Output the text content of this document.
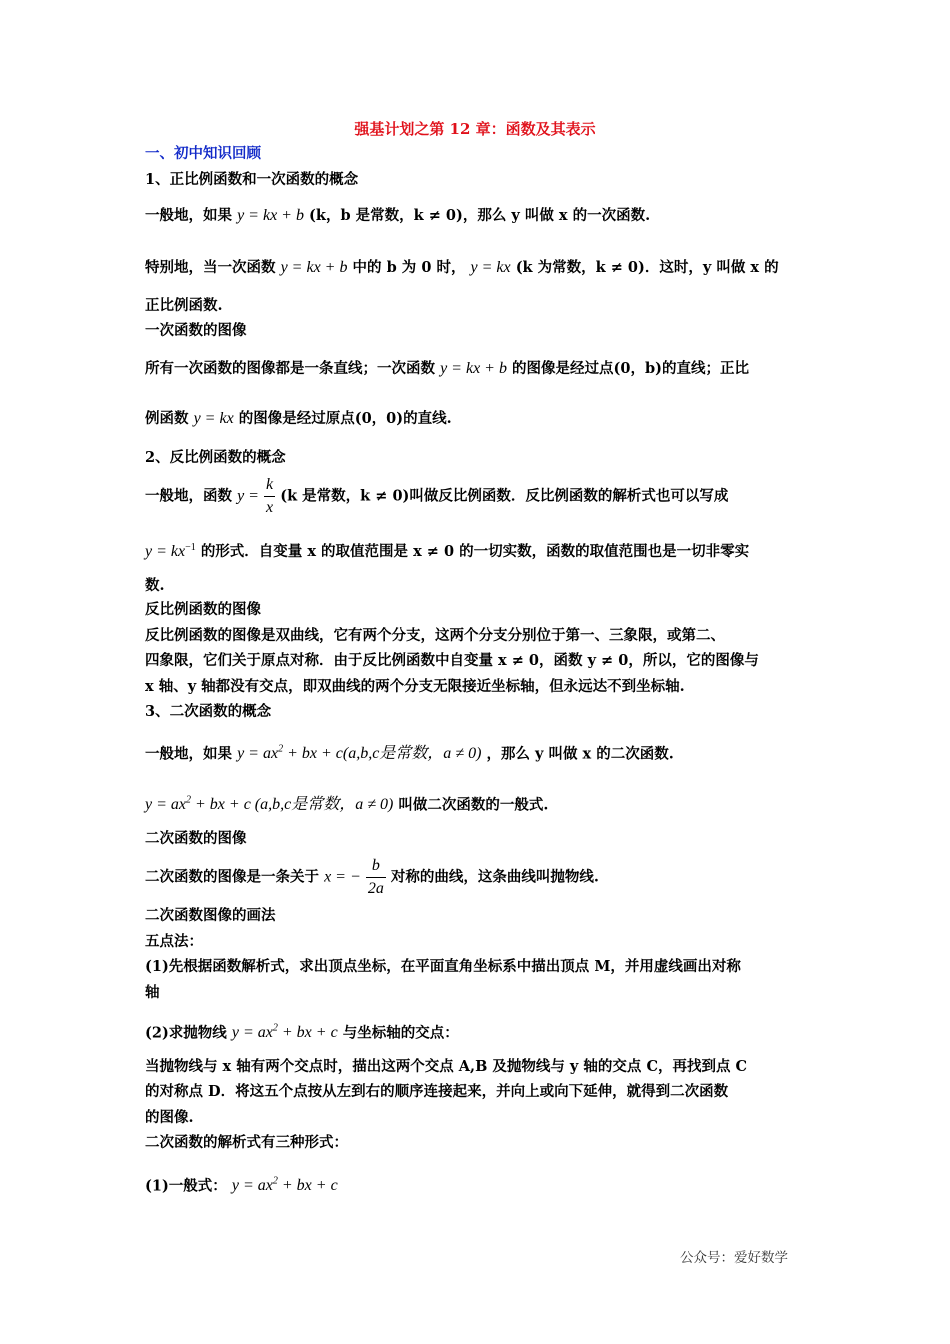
强基计划之第 12 章：函数及其表示
一、初中知识回顾
1、正比例函数和一次函数的概念
一般地，如果 y = kx + b (k，b 是常数，k ≠ 0)，那么 y 叫做 x 的一次函数.
特别地，当一次函数 y = kx + b 中的 b 为 0 时， y = kx (k 为常数，k ≠ 0)．这时，y 叫做 x 的
正比例函数.
一次函数的图像
所有一次函数的图像都是一条直线；一次函数 y = kx + b 的图像是经过点(0，b)的直线；正比
例函数 y = kx 的图像是经过原点(0，0)的直线.
2、反比例函数的概念
一般地，函数 $y = \frac{k}{x} (k$ 是常数，k ≠ 0)叫做反比例函数．反比例函数的解析式也可以写成
$y = kx^{-1}$ 的形式．自变量 x 的取值范围是 x ≠ 0 的一切实数，函数的取值范围也是一切非零实
数.
反比例函数的图像
反比例函数的图像是双曲线，它有两个分支，这两个分支分别位于第一、三象限，或第二、
四象限，它们关于原点对称．由于反比例函数中自变量 x ≠ 0，函数 y ≠ 0，所以，它的图像与
x 轴、y 轴都没有交点，即双曲线的两个分支无限接近坐标轴，但永远达不到坐标轴.
3、二次函数的概念
一般地，如果 $y = ax^2$ + bx + c(a,b,c是常数，a ≠ 0) ，那么 y 叫做 x 的二次函数.
$y = ax^2$ + bx + c (a,b,c是常数，a ≠ 0) 叫做二次函数的一般式.
二次函数的图像
二次函数的图像是一条关于 x = − $\frac{b}{2a}$ 对称的曲线，这条曲线叫抛物线.
二次函数图像的画法
五点法：
(1)先根据函数解析式，求出顶点坐标，在平面直角坐标系中描出顶点 M，并用虚线画出对称
轴
(2)求抛物线 $y = ax^2$ + bx + c 与坐标轴的交点：
当抛物线与 x 轴有两个交点时，描出这两个交点 A,B 及抛物线与 y 轴的交点 C，再找到点 C
的对称点 D．将这五个点按从左到右的顺序连接起来，并向上或向下延伸，就得到二次函数
的图像.
二次函数的解析式有三种形式：
(1)一般式： $y = ax^2$ + bx + c
公众号：爱好数学
